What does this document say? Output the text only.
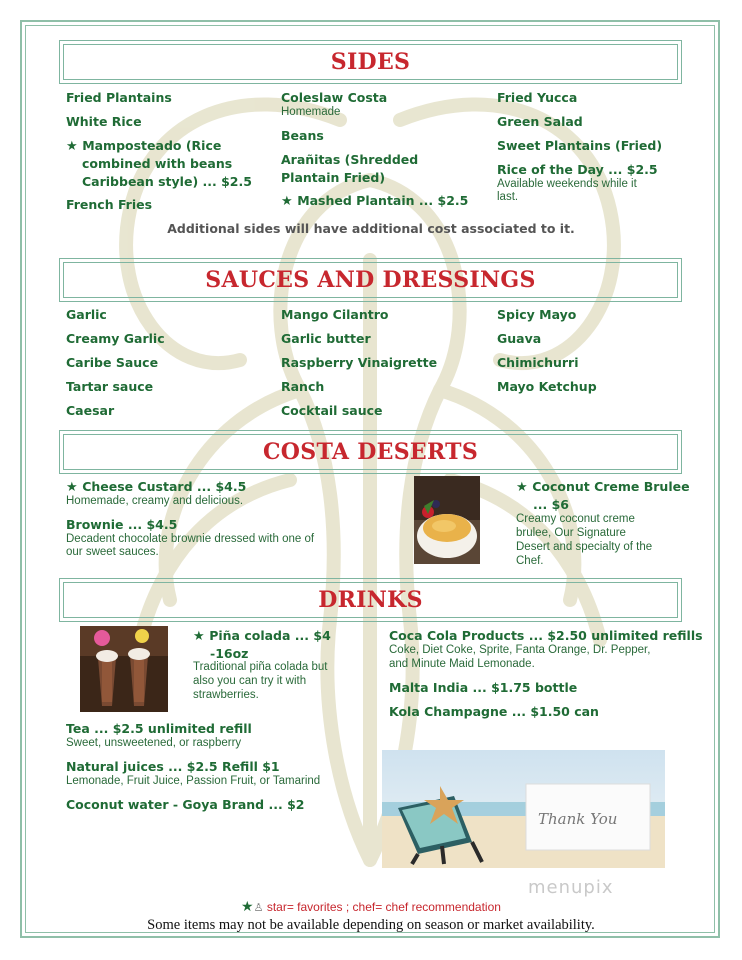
SIDES
Fried Plantains
White Rice
★ Mamposteado (Rice
combined with beans
Caribbean style) ... $2.5
French Fries
Coleslaw Costa
Homemade
Beans
Arañitas (Shredded
Plantain Fried)
★ Mashed Plantain ... $2.5
Fried Yucca
Green Salad
Sweet Plantains (Fried)
Rice of the Day ... $2.5
Available weekends while it
last.
Additional sides will have additional cost associated to it.
SAUCES AND DRESSINGS
Garlic
Creamy Garlic
Caribe Sauce
Tartar sauce
Caesar
Mango Cilantro
Garlic butter
Raspberry Vinaigrette
Ranch
Cocktail sauce
Spicy Mayo
Guava
Chimichurri
Mayo Ketchup
COSTA DESERTS
★ Cheese Custard ... $4.5
Homemade, creamy and delicious.
Brownie ... $4.5
Decadent chocolate brownie dressed with one of
our sweet sauces.
★ Coconut Creme Brulee
... $6
Creamy coconut creme
brulee, Our Signature
Desert and specialty of the
Chef.
DRINKS
★ Piña colada ... $4
-16oz
Traditional piña colada but
also you can try it with
strawberries.
Coca Cola Products ... $2.50 unlimited refills
Coke, Diet Coke, Sprite, Fanta Orange, Dr. Pepper,
and Minute Maid Lemonade.
Malta India ... $1.75 bottle
Kola Champagne ... $1.50 can
Tea ... $2.5 unlimited refill
Sweet, unsweetened, or raspberry
Natural juices ... $2.5 Refill $1
Lemonade, Fruit Juice, Passion Fruit, or Tamarind
Coconut water - Goya Brand ... $2
Thank You
menupix
★♙ star= favorites ; chef= chef recommendation
Some items may not be available depending on season or market availability.
